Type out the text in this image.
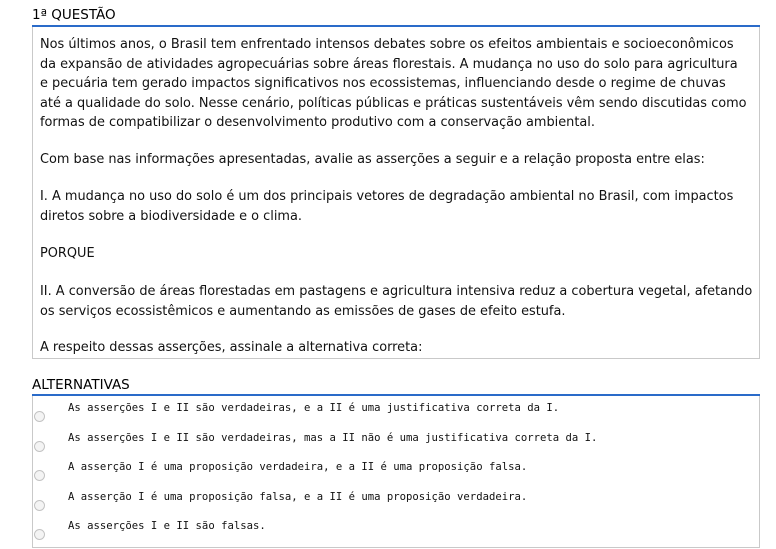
1ª QUESTÃO
Nos últimos anos, o Brasil tem enfrentado intensos debates sobre os efeitos ambientais e socioeconômicos
da expansão de atividades agropecuárias sobre áreas florestais. A mudança no uso do solo para agricultura
e pecuária tem gerado impactos significativos nos ecossistemas, influenciando desde o regime de chuvas
até a qualidade do solo. Nesse cenário, políticas públicas e práticas sustentáveis vêm sendo discutidas como
formas de compatibilizar o desenvolvimento produtivo com a conservação ambiental.
Com base nas informações apresentadas, avalie as asserções a seguir e a relação proposta entre elas:
I. A mudança no uso do solo é um dos principais vetores de degradação ambiental no Brasil, com impactos
diretos sobre a biodiversidade e o clima.
PORQUE
II. A conversão de áreas florestadas em pastagens e agricultura intensiva reduz a cobertura vegetal, afetando
os serviços ecossistêmicos e aumentando as emissões de gases de efeito estufa.
A respeito dessas asserções, assinale a alternativa correta:
ALTERNATIVAS
As asserções I e II são verdadeiras, e a II é uma justificativa correta da I.
As asserções I e II são verdadeiras, mas a II não é uma justificativa correta da I.
A asserção I é uma proposição verdadeira, e a II é uma proposição falsa.
A asserção I é uma proposição falsa, e a II é uma proposição verdadeira.
As asserções I e II são falsas.
